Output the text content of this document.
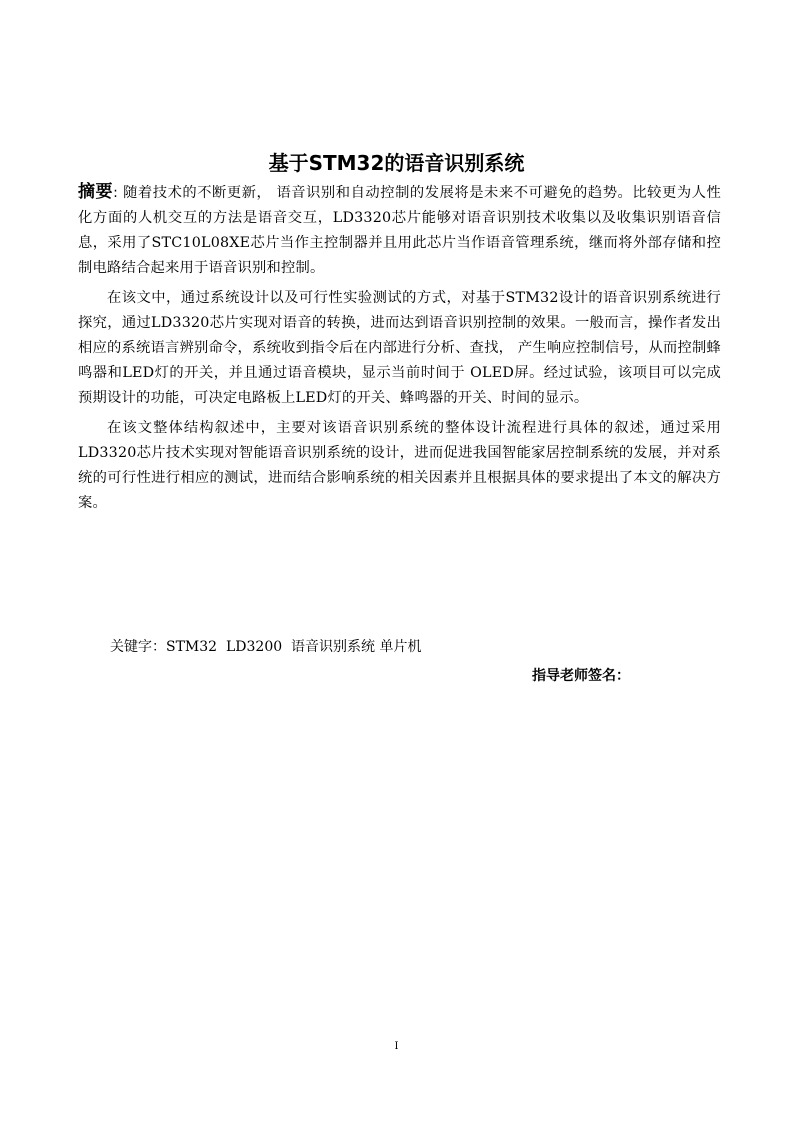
基于STM32的语音识别系统

摘要: 随着技术的不断更新， 语音识别和自动控制的发展将是未来不可避免的趋势。比较更为人性化方面的人机交互的方法是语音交互，LD3320芯片能够对语音识别技术收集以及收集识别语音信息，采用了STC10L08XE芯片当作主控制器并且用此芯片当作语音管理系统，继而将外部存储和控制电路结合起来用于语音识别和控制。

在该文中，通过系统设计以及可行性实验测试的方式，对基于STM32设计的语音识别系统进行探究，通过LD3320芯片实现对语音的转换，进而达到语音识别控制的效果。一般而言，操作者发出相应的系统语言辨别命令，系统收到指令后在内部进行分析、查找， 产生响应控制信号，从而控制蜂鸣器和LED灯的开关，并且通过语音模块，显示当前时间于 OLED屏。经过试验，该项目可以完成预期设计的功能，可决定电路板上LED灯的开关、蜂鸣器的开关、时间的显示。

在该文整体结构叙述中，主要对该语音识别系统的整体设计流程进行具体的叙述，通过采用LD3320芯片技术实现对智能语音识别系统的设计，进而促进我国智能家居控制系统的发展，并对系统的可行性进行相应的测试，进而结合影响系统的相关因素并且根据具体的要求提出了本文的解决方案。

关键字：STM32  LD3200  语音识别系统 单片机
指导老师签名：
I
